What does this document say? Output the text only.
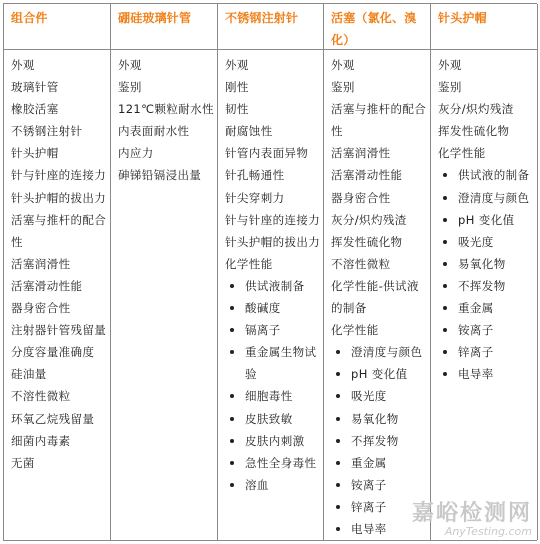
组合件
外观
玻璃针管
橡胶活塞
不锈钢注射针
针头护帽
针与针座的连接力
针头护帽的拔出力
活塞与推杆的配合性
活塞润滑性
活塞滑动性能
器身密合性
注射器针管残留量
分度容量准确度
硅油量
不溶性微粒
环氧乙烷残留量
细菌内毒素
无菌
硼硅玻璃针管
外观
鉴别
121℃颗粒耐水性
内表面耐水性
内应力
砷锑铅镉浸出量
不锈钢注射针
外观
刚性
韧性
耐腐蚀性
针管内表面异物
针孔畅通性
针尖穿刺力
针与针座的连接力
针头护帽的拔出力
化学性能
供试液制备
酸碱度
镉离子
重金属生物试验
细胞毒性
皮肤致敏
皮肤内刺激
急性全身毒性
溶血
活塞（氯化、溴化）
外观
鉴别
活塞与推杆的配合性
活塞润滑性
活塞滑动性能
器身密合性
灰分/炽灼残渣
挥发性硫化物
不溶性微粒
化学性能-供试液的制备
化学性能
澄清度与颜色
pH 变化值
吸光度
易氧化物
不挥发物
重金属
铵离子
锌离子
电导率
针头护帽
外观
鉴别
灰分/炽灼残渣
挥发性硫化物
化学性能
供试液的制备
澄清度与颜色
pH 变化值
吸光度
易氧化物
不挥发物
重金属
铵离子
锌离子
电导率
嘉峪检测网
AnyTesting.com
